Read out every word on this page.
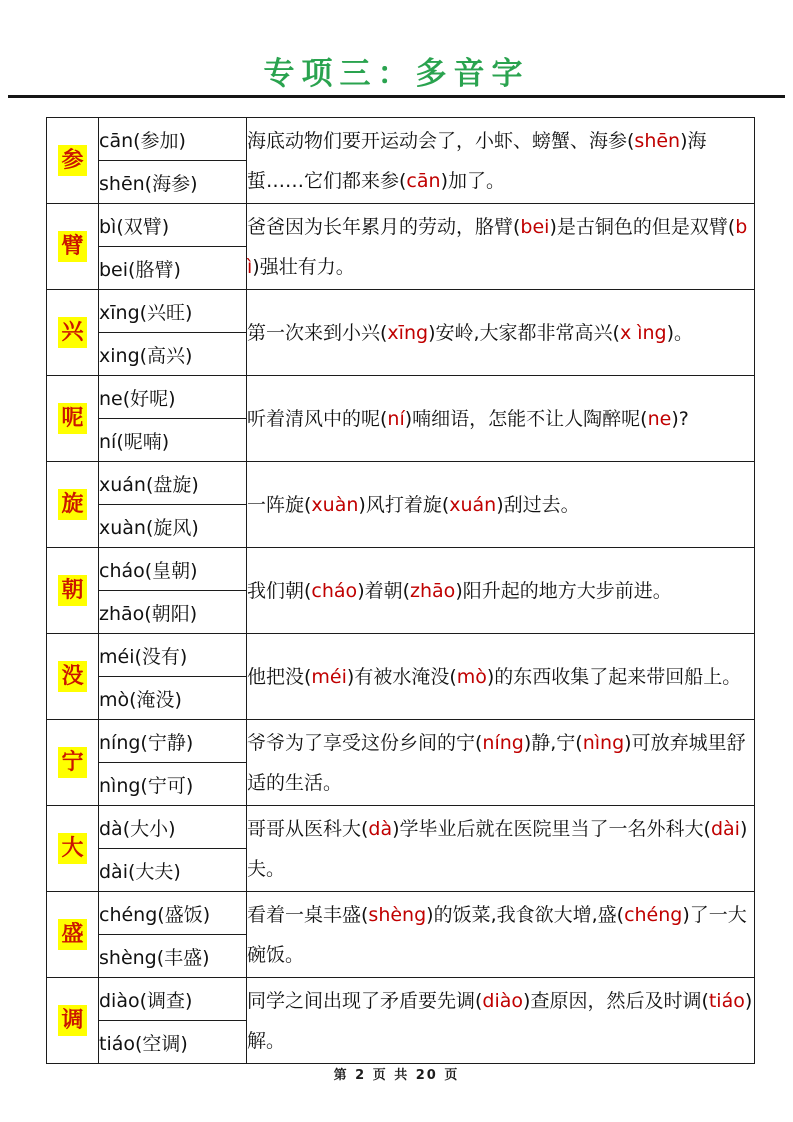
专项三：多音字
参	cān(参加)	海底动物们要开运动会了，小虾、螃蟹、海参(shēn)海蜇……它们都来参(cān)加了。
	shēn(海参)	
臂	bì(双臂)	爸爸因为长年累月的劳动，胳臂(bei)是古铜色的但是双臂(b ì)强壮有力。
	bei(胳臂)	
兴	xīng(兴旺)	第一次来到小兴(xīng)安岭,大家都非常高兴(x ìng)。
	xing(高兴)	
呢	ne(好呢)	听着清风中的呢(ní)喃细语，怎能不让人陶醉呢(ne)?
	ní(呢喃)	
旋	xuán(盘旋)	一阵旋(xuàn)风打着旋(xuán)刮过去。
	xuàn(旋风)	
朝	cháo(皇朝)	我们朝(cháo)着朝(zhāo)阳升起的地方大步前进。
	zhāo(朝阳)	
没	méi(没有)	他把没(méi)有被水淹没(mò)的东西收集了起来带回船上。
	mò(淹没)	
宁	níng(宁静)	爷爷为了享受这份乡间的宁(níng)静,宁(nìng)可放弃城里舒适的生活。
	nìng(宁可)	
大	dà(大小)	哥哥从医科大(dà)学毕业后就在医院里当了一名外科大(dài)夫。
	dài(大夫)	
盛	chéng(盛饭)	看着一桌丰盛(shèng)的饭菜,我食欲大增,盛(chéng)了一大碗饭。
	shèng(丰盛)	
调	diào(调查)	同学之间出现了矛盾要先调(diào)查原因，然后及时调(tiáo)解。
	tiáo(空调)	
第 2 页 共 20 页
